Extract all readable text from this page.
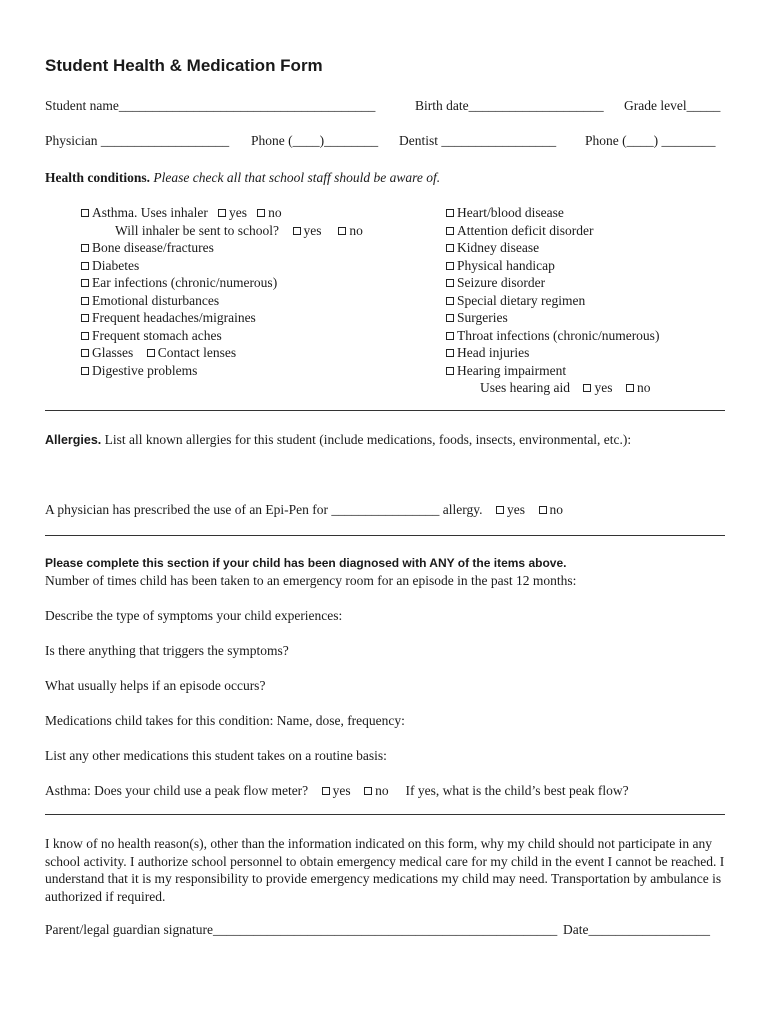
Student Health & Medication Form
Student name______________________________________	Birth date____________________ Grade level_____
Physician ___________________ Phone (____)________ Dentist _________________ Phone (____) ________
Health conditions. Please check all that school staff should be aware of.
Asthma. Uses inhaler yes no
Will inhaler be sent to school? yes no
Bone disease/fractures
Diabetes
Ear infections (chronic/numerous)
Emotional disturbances
Frequent headaches/migraines
Frequent stomach aches
Glasses Contact lenses
Digestive problems
Heart/blood disease
Attention deficit disorder
Kidney disease
Physical handicap
Seizure disorder
Special dietary regimen
Surgeries
Throat infections (chronic/numerous)
Head injuries
Hearing impairment
Uses hearing aid yes no
Allergies. List all known allergies for this student (include medications, foods, insects, environmental, etc.):
A physician has prescribed the use of an Epi-Pen for ________________ allergy. yes no
Please complete this section if your child has been diagnosed with ANY of the items above.
Number of times child has been taken to an emergency room for an episode in the past 12 months:
Describe the type of symptoms your child experiences:
Is there anything that triggers the symptoms?
What usually helps if an episode occurs?
Medications child takes for this condition: Name, dose, frequency:
List any other medications this student takes on a routine basis:
Asthma: Does your child use a peak flow meter? yes no If yes, what is the child’s best peak flow?
I know of no health reason(s), other than the information indicated on this form, why my child should not participate in any school activity. I authorize school personnel to obtain emergency medical care for my child in the event I cannot be reached. I understand that it is my responsibility to provide emergency medications my child may need. Transportation by ambulance is authorized if required.
Parent/legal guardian signature___________________________________________________ Date__________________
